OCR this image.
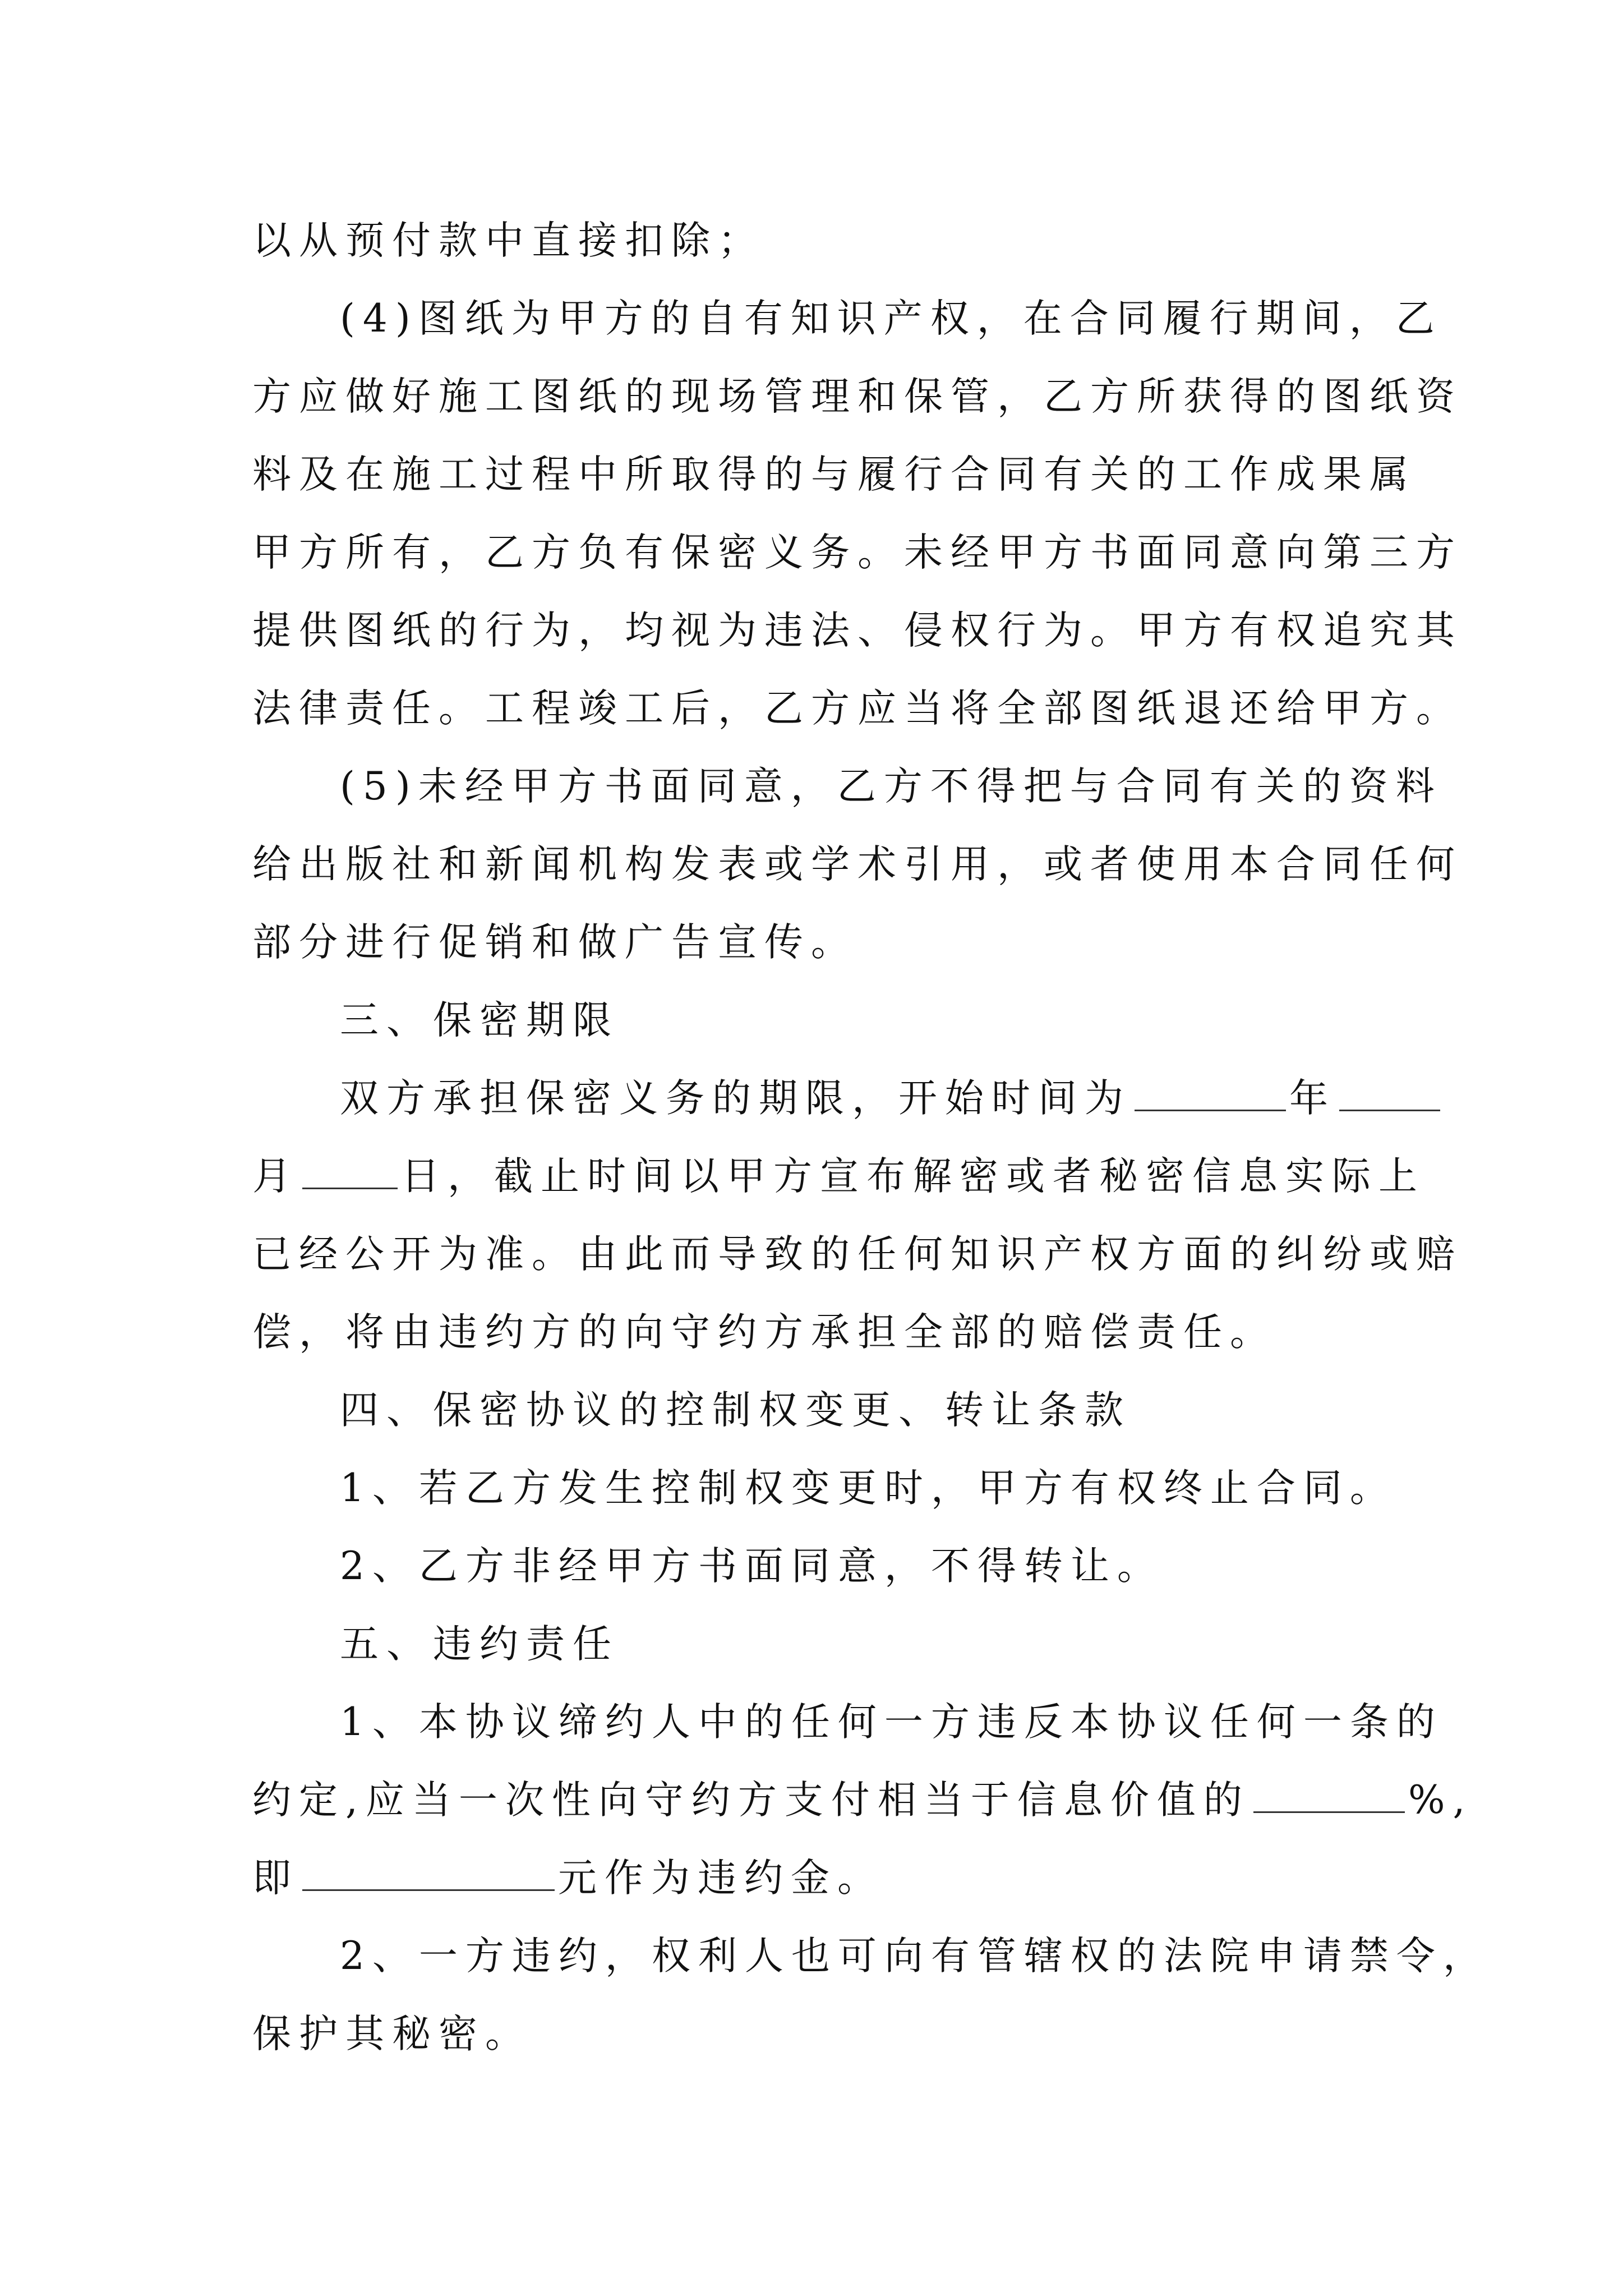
以从预付款中直接扣除；
(4)图纸为甲方的自有知识产权，在合同履行期间，乙
方应做好施工图纸的现场管理和保管，乙方所获得的图纸资
料及在施工过程中所取得的与履行合同有关的工作成果属
甲方所有，乙方负有保密义务。未经甲方书面同意向第三方
提供图纸的行为，均视为违法、侵权行为。甲方有权追究其
法律责任。工程竣工后，乙方应当将全部图纸退还给甲方。
(5)未经甲方书面同意，乙方不得把与合同有关的资料
给出版社和新闻机构发表或学术引用，或者使用本合同任何
部分进行促销和做广告宣传。
三、保密期限
双方承担保密义务的期限，开始时间为	年
月	日，截止时间以甲方宣布解密或者秘密信息实际上
已经公开为准。由此而导致的任何知识产权方面的纠纷或赔
偿，将由违约方的向守约方承担全部的赔偿责任。
四、保密协议的控制权变更、转让条款
1、若乙方发生控制权变更时，甲方有权终止合同。
2、乙方非经甲方书面同意，不得转让。
五、违约责任
1、本协议缔约人中的任何一方违反本协议任何一条的
约定,应当一次性向守约方支付相当于信息价值的	%,
即	元作为违约金。
2、一方违约，权利人也可向有管辖权的法院申请禁令，
保护其秘密。
